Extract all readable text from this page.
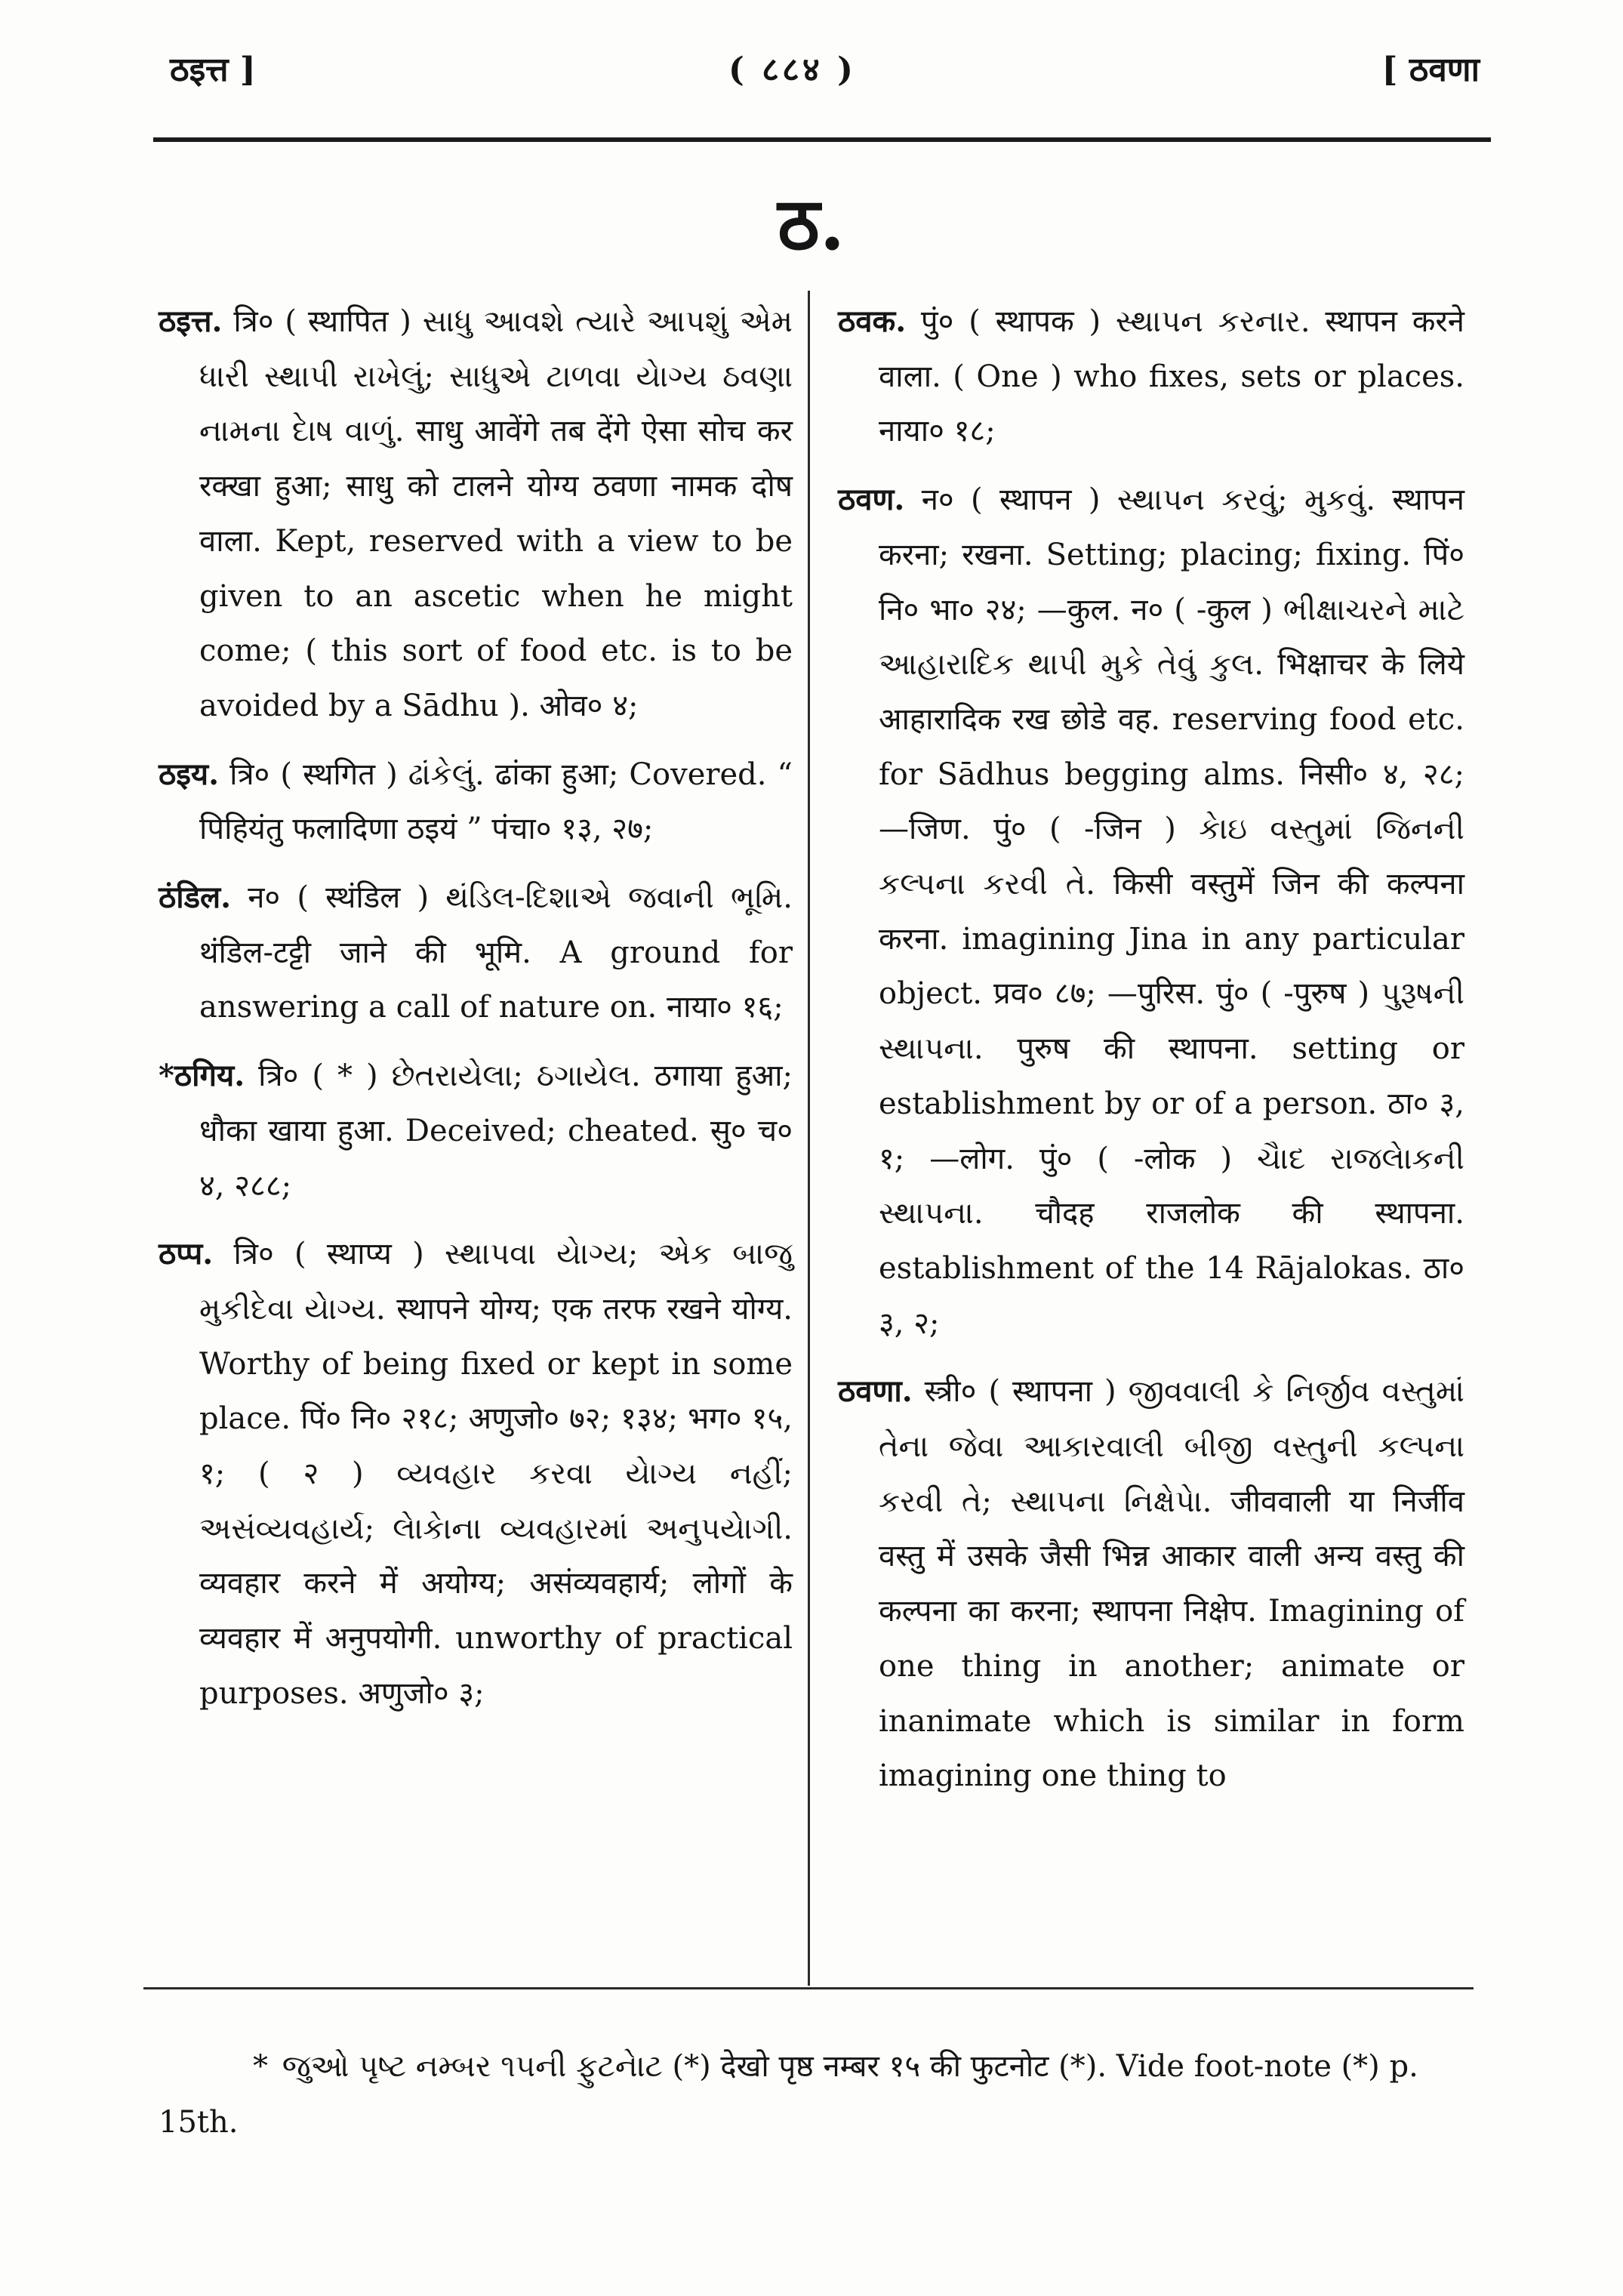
ठइत्त ]	( ८८४ )	[ ठवणा
ठ.

ठइत्त. त्रि० ( स्थापित ) સાધુ આવશે ત્યારે આપશું એમ ધારી સ્થાપી રાખેલું; સાધુએ ટાળવા યેાગ્ય ઠવણા નામના દેાષ વાળું. साधु आवेंगे तब देंगे ऐसा सोच कर रक्खा हुआ; साधु को टालने योग्य ठवणा नामक दोष वाला. Kept, reserved with a view to be given to an ascetic when he might come; ( this sort of food etc. is to be avoided by a Sādhu ). ओव० ४;

ठइय. त्रि० ( स्थगित ) ઢાંકેલું. ढांका हुआ; Covered. “ पिहियंतु फलादिणा ठइयं ” पंचा० १३, २७;

ठंडिल. न० ( स्थंडिल ) થંડિલ-દિશાએ જવાની ભૂમિ. थंडिल-टट्टी जाने की भूमि. A ground for answering a call of nature on. नाया० १६;

*ठगिय. त्रि० ( * ) છેતરાયેલા; ઠગાયેલ. ठगाया हुआ; धौका खाया हुआ. Deceived; cheated. सु० च० ४, २८८;

ठप्प. त्रि० ( स्थाप्य ) સ્થાપવા યેાગ્ય; એક બાજુ મુકીદેવા યેાગ્ય. स्थापने योग्य; एक तरफ रखने योग्य. Worthy of being fixed or kept in some place. पिं० नि० २१८; अणुजो० ७२; १३४; भग० १५, १; ( २ ) વ્યવહાર કરવા યેાગ્ય નહીં; અસંવ્યવહાર્ય; લેાકેાના વ્યવહારમાં અનુપયેાગી. व्यवहार करने में अयोग्य; असंव्यवहार्य; लोगों के व्यवहार में अनुपयोगी. unworthy of practical purposes. अणुजो० ३;

ठवक. पुं० ( स्थापक ) સ્થાપન કરનાર. स्थापन करने वाला. ( One ) who fixes, sets or places. नाया० १८;

ठवण. न० ( स्थापन ) સ્થાપન કરવું; મુકવું. स्थापन करना; रखना. Setting; placing; fixing. पिं० नि० भा० २४; —कुल. न० ( -कुल ) ભીક્ષાચરને માટે આહારાદિક થાપી મુકે તેવું કુલ. भिक्षाचर के लिये आहारादिक रख छोडे वह. reserving food etc. for Sādhus begging alms. निसी० ४, २८; —जिण. पुं० ( -जिन ) કેાઇ વસ્તુમાં જિનની કલ્પના કરવી તે. किसी वस्तुमें जिन की कल्पना करना. imagining Jina in any particular object. प्रव० ८७; —पुरिस. पुं० ( -पुरुष ) પુરૂષની સ્થાપના. पुरुष की स्थापना. setting or establishment by or of a person. ठा० ३, १; —लोग. पुं० ( -लोक ) ચૈાદ રાજલેાકની સ્થાપના. चौदह राजलोक की स्थापना. establishment of the 14 Rājalokas. ठा० ३, २;

ठवणा. स्त्री० ( स्थापना ) જીવવાલી કે નિર્જીવ વસ્તુમાં તેના જેવા આકારવાલી બીજી વસ્તુની કલ્પના કરવી તે; સ્થાપના નિક્ષેપેા. जीववाली या निर्जीव वस्तु में उसके जैसी भिन्न आकार वाली अन्य वस्तु की कल्पना का करना; स्थापना निक्षेप. Imagining of one thing in another; animate or inanimate which is similar in form imagining one thing to

* જુઓ પૃષ્ટ નમ્બર ૧૫ની ફુટનેાટ (*) देखो पृष्ठ नम्बर १५ की फुटनोट (*). Vide foot-note (*) p. 15th.
